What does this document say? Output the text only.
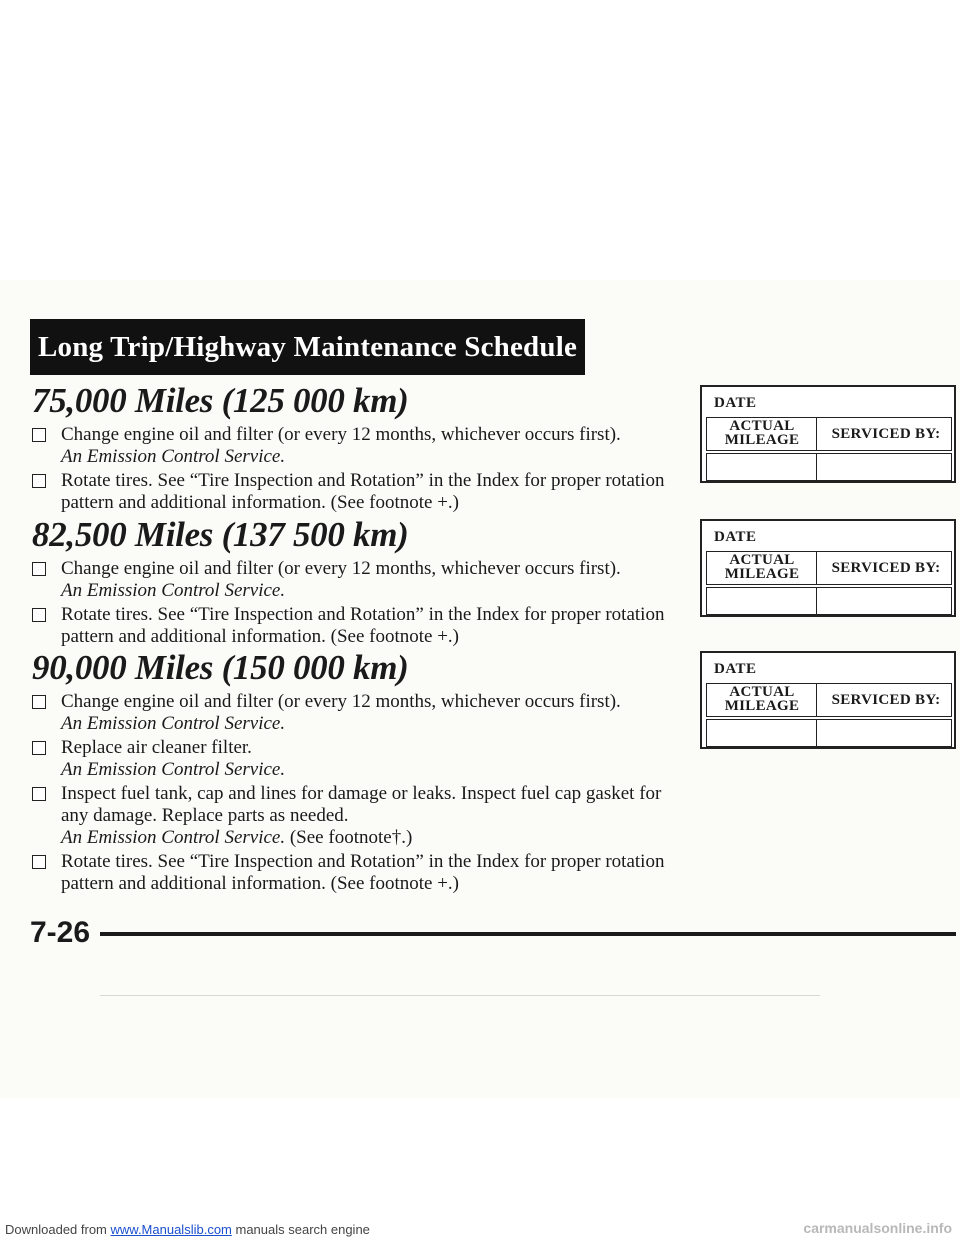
Long Trip/Highway Maintenance Schedule
75,000 Miles (125 000 km)
Change engine oil and filter (or every 12 months, whichever occurs first).
An Emission Control Service.
Rotate tires. See “Tire Inspection and Rotation” in the Index for proper rotation pattern and additional information. (See footnote +.)
82,500 Miles (137 500 km)
Change engine oil and filter (or every 12 months, whichever occurs first).
An Emission Control Service.
Rotate tires. See “Tire Inspection and Rotation” in the Index for proper rotation pattern and additional information. (See footnote +.)
90,000 Miles (150 000 km)
Change engine oil and filter (or every 12 months, whichever occurs first).
An Emission Control Service.
Replace air cleaner filter.
An Emission Control Service.
Inspect fuel tank, cap and lines for damage or leaks. Inspect fuel cap gasket for any damage. Replace parts as needed.
An Emission Control Service. (See footnote†.)
Rotate tires. See “Tire Inspection and Rotation” in the Index for proper rotation pattern and additional information. (See footnote +.)
DATE
ACTUAL
MILEAGE	SERVICED BY:
DATE
ACTUAL
MILEAGE	SERVICED BY:
DATE
ACTUAL
MILEAGE	SERVICED BY:
7-26
Downloaded from www.Manualslib.com manuals search engine	carmanualsonline.info
